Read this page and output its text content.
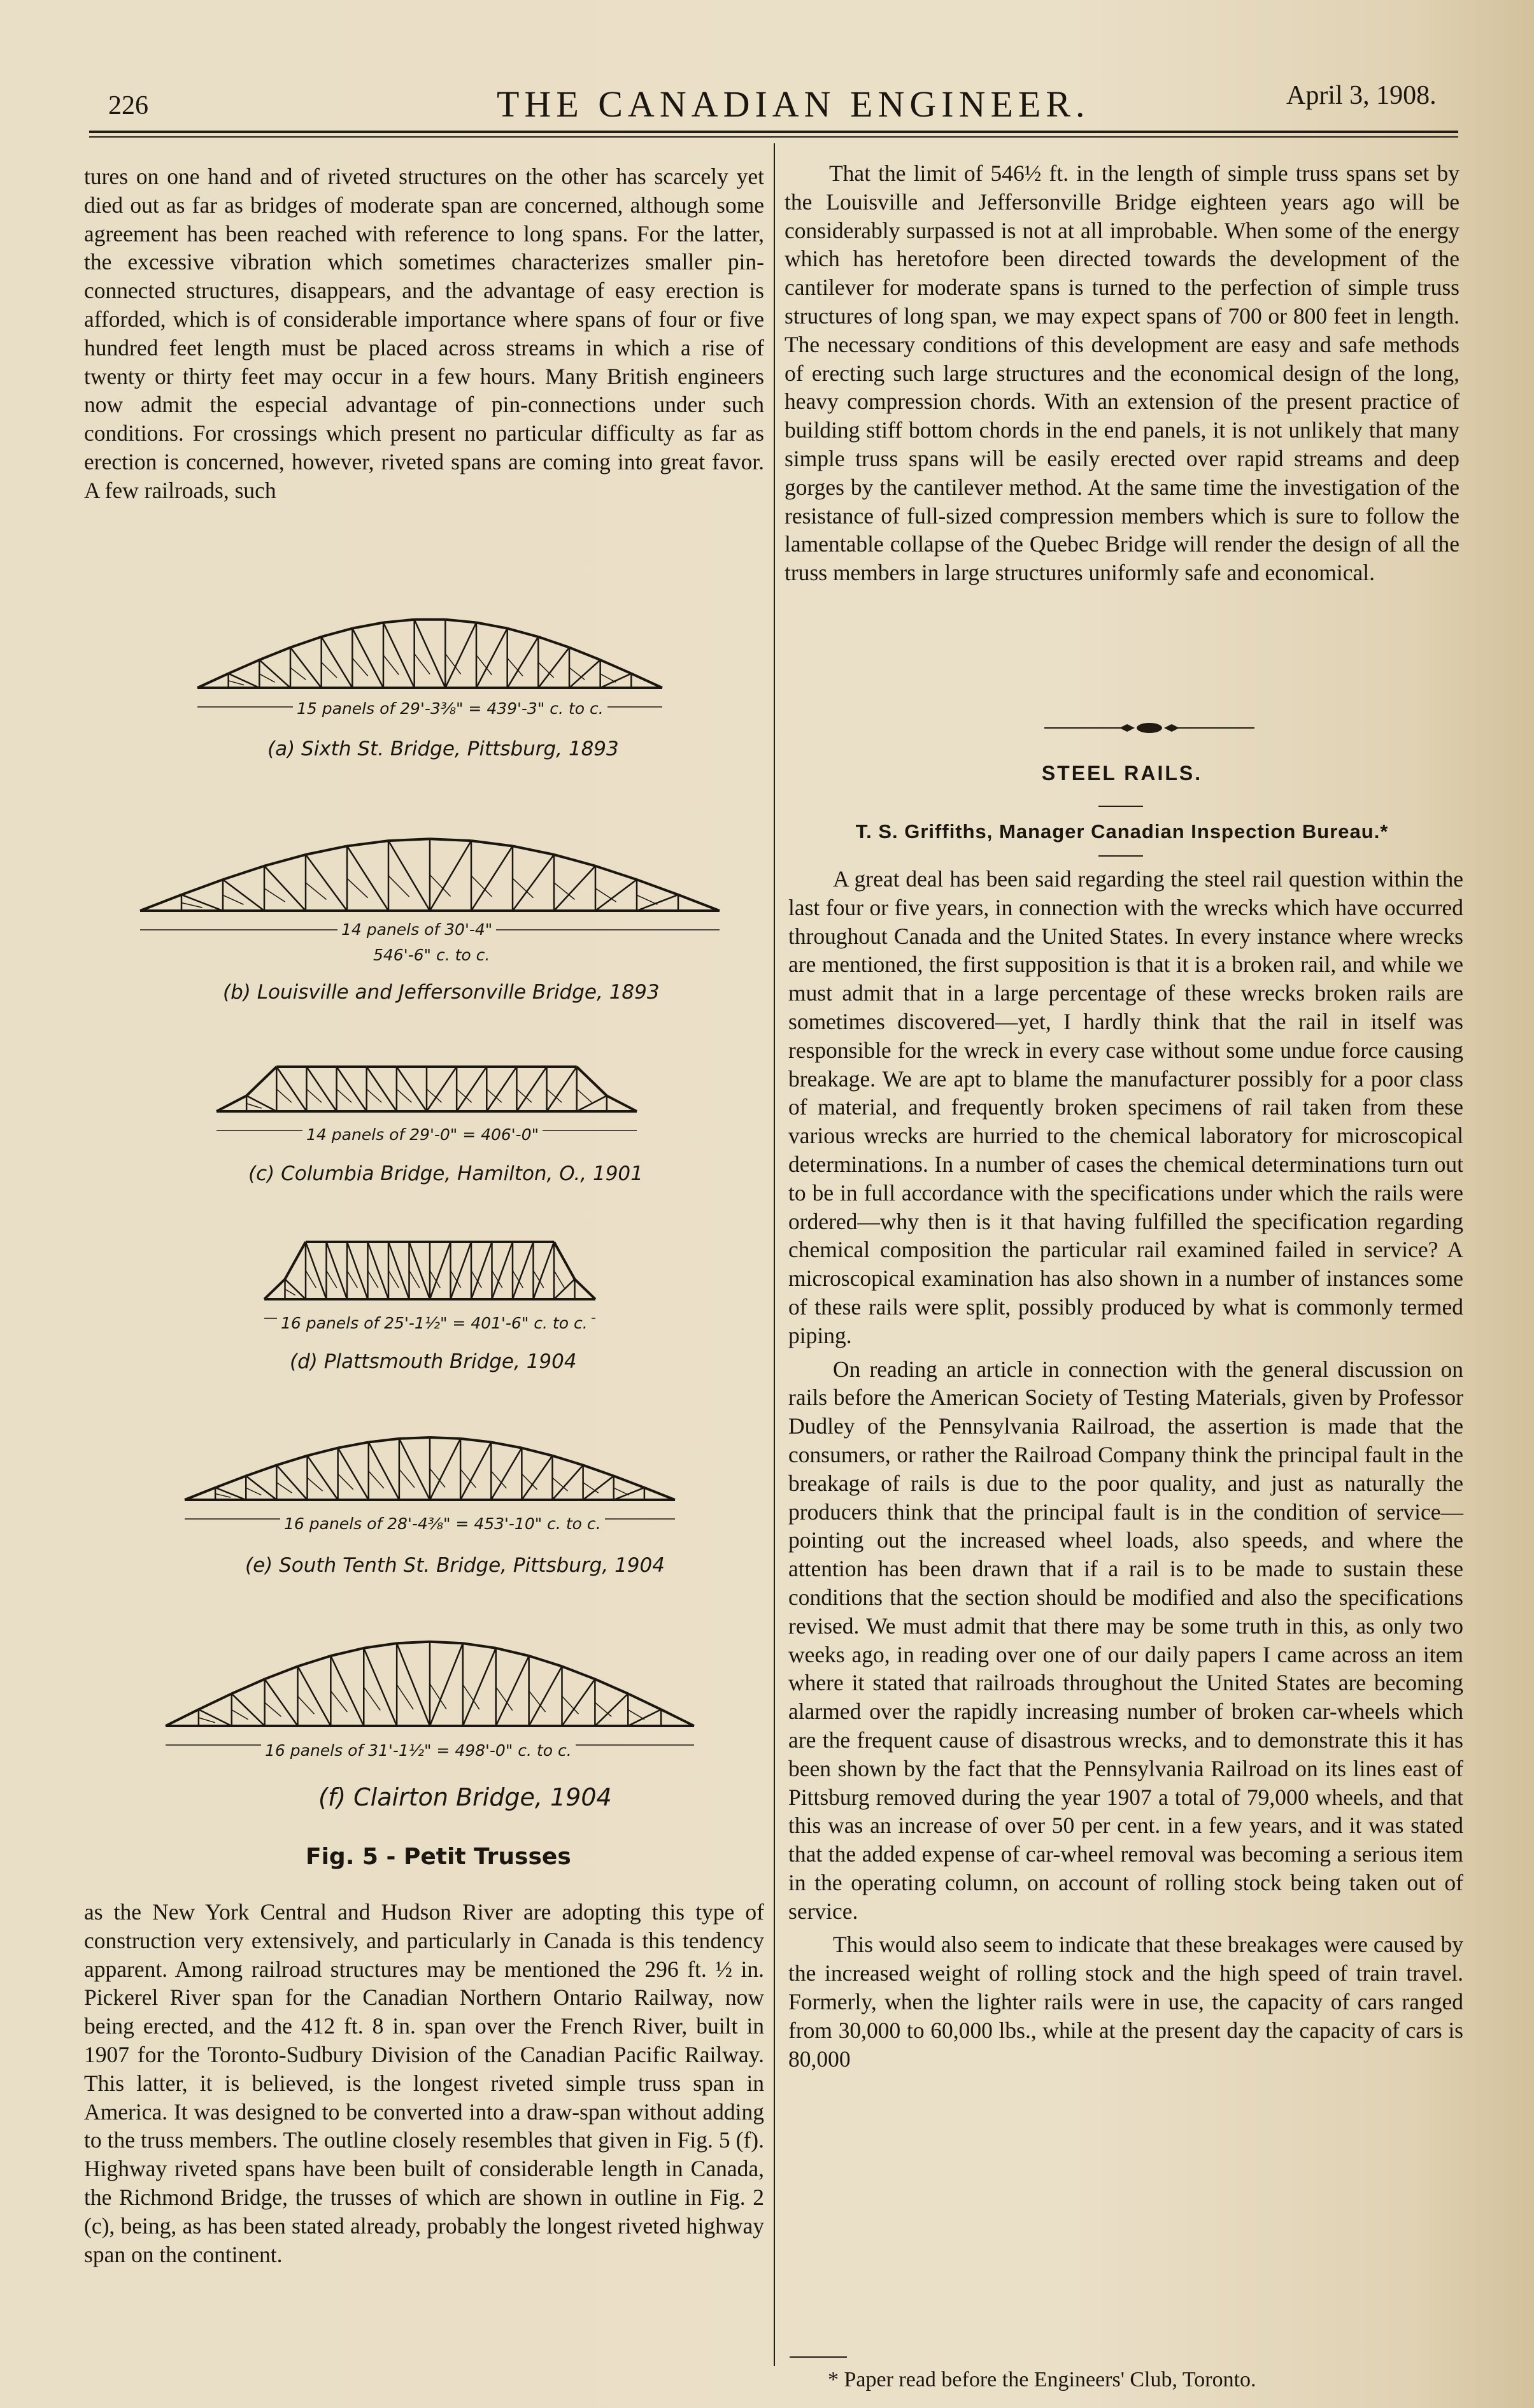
226	THE CANADIAN ENGINEER.	April 3, 1908.

tures on one hand and of riveted structures on the other has scarcely yet died out as far as bridges of moderate span are concerned, although some agreement has been reached with reference to long spans. For the latter, the excessive vibration which sometimes characterizes smaller pin-connected structures, disappears, and the advantage of easy erection is afforded, which is of considerable importance where spans of four or five hundred feet length must be placed across streams in which a rise of twenty or thirty feet may occur in a few hours. Many British engineers now admit the especial advantage of pin-connections under such conditions. For crossings which present no particular difficulty as far as erection is concerned, however, riveted spans are coming into great favor. A few railroads, such

15 panels of 29'-3⅜" = 439'-3" c. to c.
(a) Sixth St. Bridge, Pittsburg, 1893
14 panels of 30'-4"
546'-6" c. to c.
(b) Louisville and Jeffersonville Bridge, 1893
14 panels of 29'-0" = 406'-0"
(c) Columbia Bridge, Hamilton, O., 1901
16 panels of 25'-1½" = 401'-6" c. to c.
(d) Plattsmouth Bridge, 1904
16 panels of 28'-4⅜" = 453'-10" c. to c.
(e) South Tenth St. Bridge, Pittsburg, 1904
16 panels of 31'-1½" = 498'-0" c. to c.
(f) Clairton Bridge, 1904
Fig. 5 - Petit Trusses

as the New York Central and Hudson River are adopting this type of construction very extensively, and particularly in Canada is this tendency apparent. Among railroad structures may be mentioned the 296 ft. ½ in. Pickerel River span for the Canadian Northern Ontario Railway, now being erected, and the 412 ft. 8 in. span over the French River, built in 1907 for the Toronto-Sudbury Division of the Canadian Pacific Railway. This latter, it is believed, is the longest riveted simple truss span in America. It was designed to be converted into a draw-span without adding to the truss members. The outline closely resembles that given in Fig. 5 (f). Highway riveted spans have been built of considerable length in Canada, the Richmond Bridge, the trusses of which are shown in outline in Fig. 2 (c), being, as has been stated already, probably the longest riveted highway span on the continent.

That the limit of 546½ ft. in the length of simple truss spans set by the Louisville and Jeffersonville Bridge eighteen years ago will be considerably surpassed is not at all improbable. When some of the energy which has heretofore been directed towards the development of the cantilever for moderate spans is turned to the perfection of simple truss structures of long span, we may expect spans of 700 or 800 feet in length. The necessary conditions of this development are easy and safe methods of erecting such large structures and the economical design of the long, heavy compression chords. With an extension of the present practice of building stiff bottom chords in the end panels, it is not unlikely that many simple truss spans will be easily erected over rapid streams and deep gorges by the cantilever method. At the same time the investigation of the resistance of full-sized compression members which is sure to follow the lamentable collapse of the Quebec Bridge will render the design of all the truss members in large structures uniformly safe and economical.

STEEL RAILS.
T. S. Griffiths, Manager Canadian Inspection Bureau.*

A great deal has been said regarding the steel rail question within the last four or five years, in connection with the wrecks which have occurred throughout Canada and the United States. In every instance where wrecks are mentioned, the first supposition is that it is a broken rail, and while we must admit that in a large percentage of these wrecks broken rails are sometimes discovered—yet, I hardly think that the rail in itself was responsible for the wreck in every case without some undue force causing breakage. We are apt to blame the manufacturer possibly for a poor class of material, and frequently broken specimens of rail taken from these various wrecks are hurried to the chemical laboratory for microscopical determinations. In a number of cases the chemical determinations turn out to be in full accordance with the specifications under which the rails were ordered—why then is it that having fulfilled the specification regarding chemical composition the particular rail examined failed in service? A microscopical examination has also shown in a number of instances some of these rails were split, possibly produced by what is commonly termed piping.

On reading an article in connection with the general discussion on rails before the American Society of Testing Materials, given by Professor Dudley of the Pennsylvania Railroad, the assertion is made that the consumers, or rather the Railroad Company think the principal fault in the breakage of rails is due to the poor quality, and just as naturally the producers think that the principal fault is in the condition of service—pointing out the increased wheel loads, also speeds, and where the attention has been drawn that if a rail is to be made to sustain these conditions that the section should be modified and also the specifications revised. We must admit that there may be some truth in this, as only two weeks ago, in reading over one of our daily papers I came across an item where it stated that railroads throughout the United States are becoming alarmed over the rapidly increasing number of broken car-wheels which are the frequent cause of disastrous wrecks, and to demonstrate this it has been shown by the fact that the Pennsylvania Railroad on its lines east of Pittsburg removed during the year 1907 a total of 79,000 wheels, and that this was an increase of over 50 per cent. in a few years, and it was stated that the added expense of car-wheel removal was becoming a serious item in the operating column, on account of rolling stock being taken out of service.

This would also seem to indicate that these breakages were caused by the increased weight of rolling stock and the high speed of train travel. Formerly, when the lighter rails were in use, the capacity of cars ranged from 30,000 to 60,000 lbs., while at the present day the capacity of cars is 80,000

* Paper read before the Engineers' Club, Toronto.
